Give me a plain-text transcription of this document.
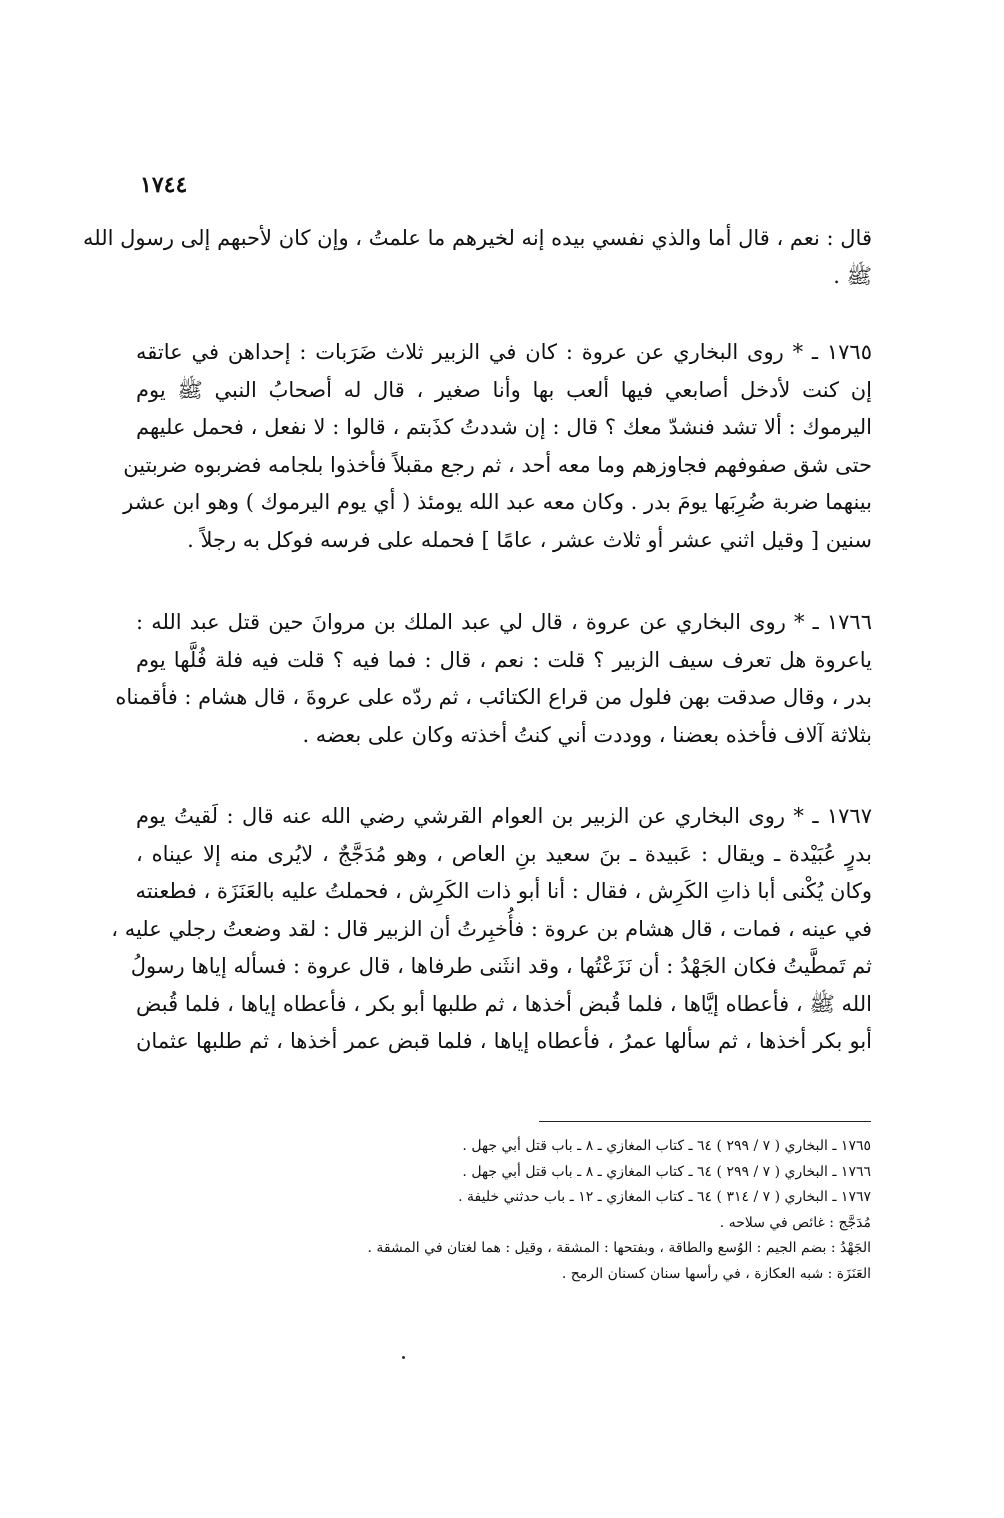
١٧٤٤
قال : نعم ، قال أما والذي نفسي بيده إنه لخيرهم ما علمتُ ، وإن كان لأحبهم إلى رسول الله
ﷺ .
١٧٦٥ ـ * روى البخاري عن عروة : كان في الزبير ثلاث ضَرَبات : إحداهن في عاتقه
إن كنت لأدخل أصابعي فيها ألعب بها وأنا صغير ، قال له أصحابُ النبي ﷺ يوم
اليرموك : ألا تشد فنشدّ معك ؟ قال : إن شددتُ كذَبتم ، قالوا : لا نفعل ، فحمل عليهم
حتى شق صفوفهم فجاوزهم وما معه أحد ، ثم رجع مقبلاً فأخذوا بلجامه فضربوه ضربتين
بينهما ضربة ضُرِبَها يومَ بدر . وكان معه عبد الله يومئذ ( أي يوم اليرموك ) وهو ابن عشر
سنين [ وقيل اثني عشر أو ثلاث عشر ، عامًا ] فحمله على فرسه فوكل به رجلاً .
١٧٦٦ ـ * روى البخاري عن عروة ، قال لي عبد الملك بن مروانَ حين قتل عبد الله :
ياعروة هل تعرف سيف الزبير ؟ قلت : نعم ، قال : فما فيه ؟ قلت فيه فلة فُلَّها يوم
بدر ، وقال صدقت بهن فلول من قراع الكتائب ، ثم ردّه على عروةَ ، قال هشام : فأقمناه
بثلاثة آلاف فأخذه بعضنا ، ووددت أني كنتُ أخذته وكان على بعضه .
١٧٦٧ ـ * روى البخاري عن الزبير بن العوام القرشي رضي الله عنه قال : لَقيتُ يوم
بدرٍ عُبَيْدة ـ ويقال : عَبيدة ـ بنَ سعيد بنِ العاص ، وهو مُدَجَّجٌ ، لايُرى منه إلا عيناه ،
وكان يُكْنى أبا ذاتِ الكَرِش ، فقال : أنا أبو ذات الكَرِش ، فحملتُ عليه بالعَنَزَة ، فطعنته
في عينه ، فمات ، قال هشام بن عروة : فأُخبِرتُ أن الزبير قال : لقد وضعتُ رجلي عليه ،
ثم تَمطَّيتُ فكان الجَهْدُ : أن نَزَعْتُها ، وقد انثَنى طرفاها ، قال عروة : فسأله إياها رسولُ
الله ﷺ ، فأعطاه إيَّاها ، فلما قُبض أخذها ، ثم طلبها أبو بكر ، فأعطاه إياها ، فلما قُبض
أبو بكر أخذها ، ثم سألها عمرُ ، فأعطاه إياها ، فلما قبض عمر أخذها ، ثم طلبها عثمان
١٧٦٥ ـ البخاري ( ٧ / ٢٩٩ ) ٦٤ ـ كتاب المغازي ـ ٨ ـ باب قتل أبي جهل .
١٧٦٦ ـ البخاري ( ٧ / ٢٩٩ ) ٦٤ ـ كتاب المغازي ـ ٨ ـ باب قتل أبي جهل .
١٧٦٧ ـ البخاري ( ٧ / ٣١٤ ) ٦٤ ـ كتاب المغازي ـ ١٢ ـ باب حدثني خليفة .
مُدَجَّج : غائص في سلاحه .
الجَهْدُ : بضم الجيم : الوُسع والطاقة ، وبفتحها : المشقة ، وقيل : هما لغتان في المشقة .
العَنَزَة : شبه العكازة ، في رأسها سنان كسنان الرمح .
